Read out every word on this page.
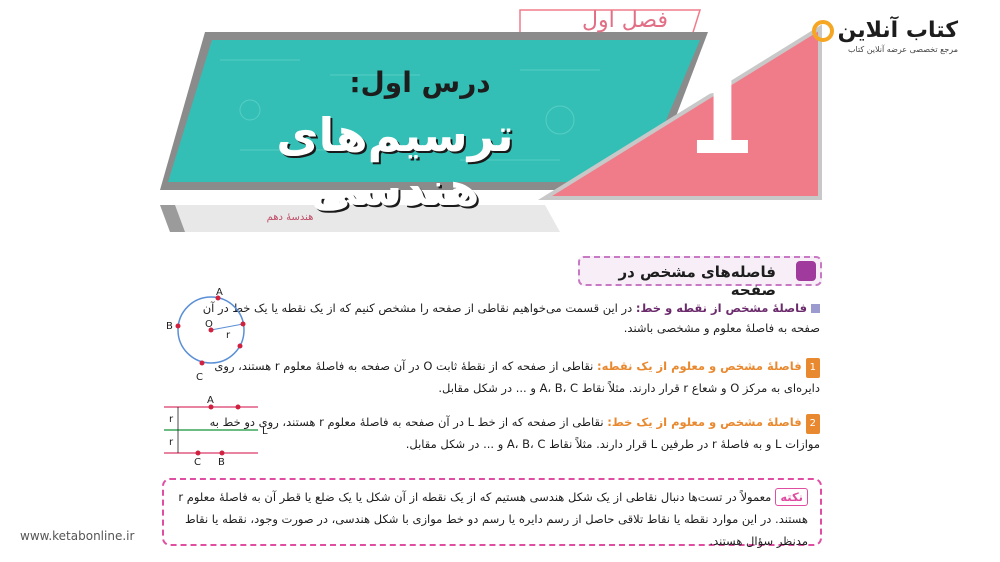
کتاب آنلاین
مرجع تخصصی عرضه آنلاین کتاب
فصل اول
درس اول:
ترسیم‌های هندسی
1
هندسهٔ دهم
فاصله‌های مشخص در صفحه
فاصلهٔ مشخص از نقطه و خط: در این قسمت می‌خواهیم نقاطی از صفحه را مشخص کنیم که از یک نقطه یا یک خط در آن صفحه به فاصلهٔ معلوم و مشخصی باشند.
1فاصلهٔ مشخص و معلوم از یک نقطه: نقاطی از صفحه که از نقطهٔ ثابت O در آن صفحه به فاصلهٔ معلوم r هستند، روی دایره‌ای به مرکز O و شعاع r قرار دارند. مثلاً نقاط A، B، C و ... در شکل مقابل.
2فاصلهٔ مشخص و معلوم از یک خط: نقاطی از صفحه که از خط L در آن صفحه به فاصلهٔ معلوم r هستند، روی دو خط به موازات L و به فاصلهٔ r در طرفین L قرار دارند. مثلاً نقاط A، B، C و ... در شکل مقابل.
A
B
C
O
r
A
C B
L
r
r
نکتهمعمولاً در تست‌ها دنبال نقاطی از یک شکل هندسی هستیم که از یک نقطه از آن شکل یا یک ضلع یا قطر آن به فاصلهٔ معلوم r هستند. در این موارد نقطه یا نقاط تلاقی حاصل از رسم دایره یا رسم دو خط موازی با شکل هندسی، در صورت وجود، نقطه یا نقاط مدنظر سؤال هستند.
www.ketabonline.ir
